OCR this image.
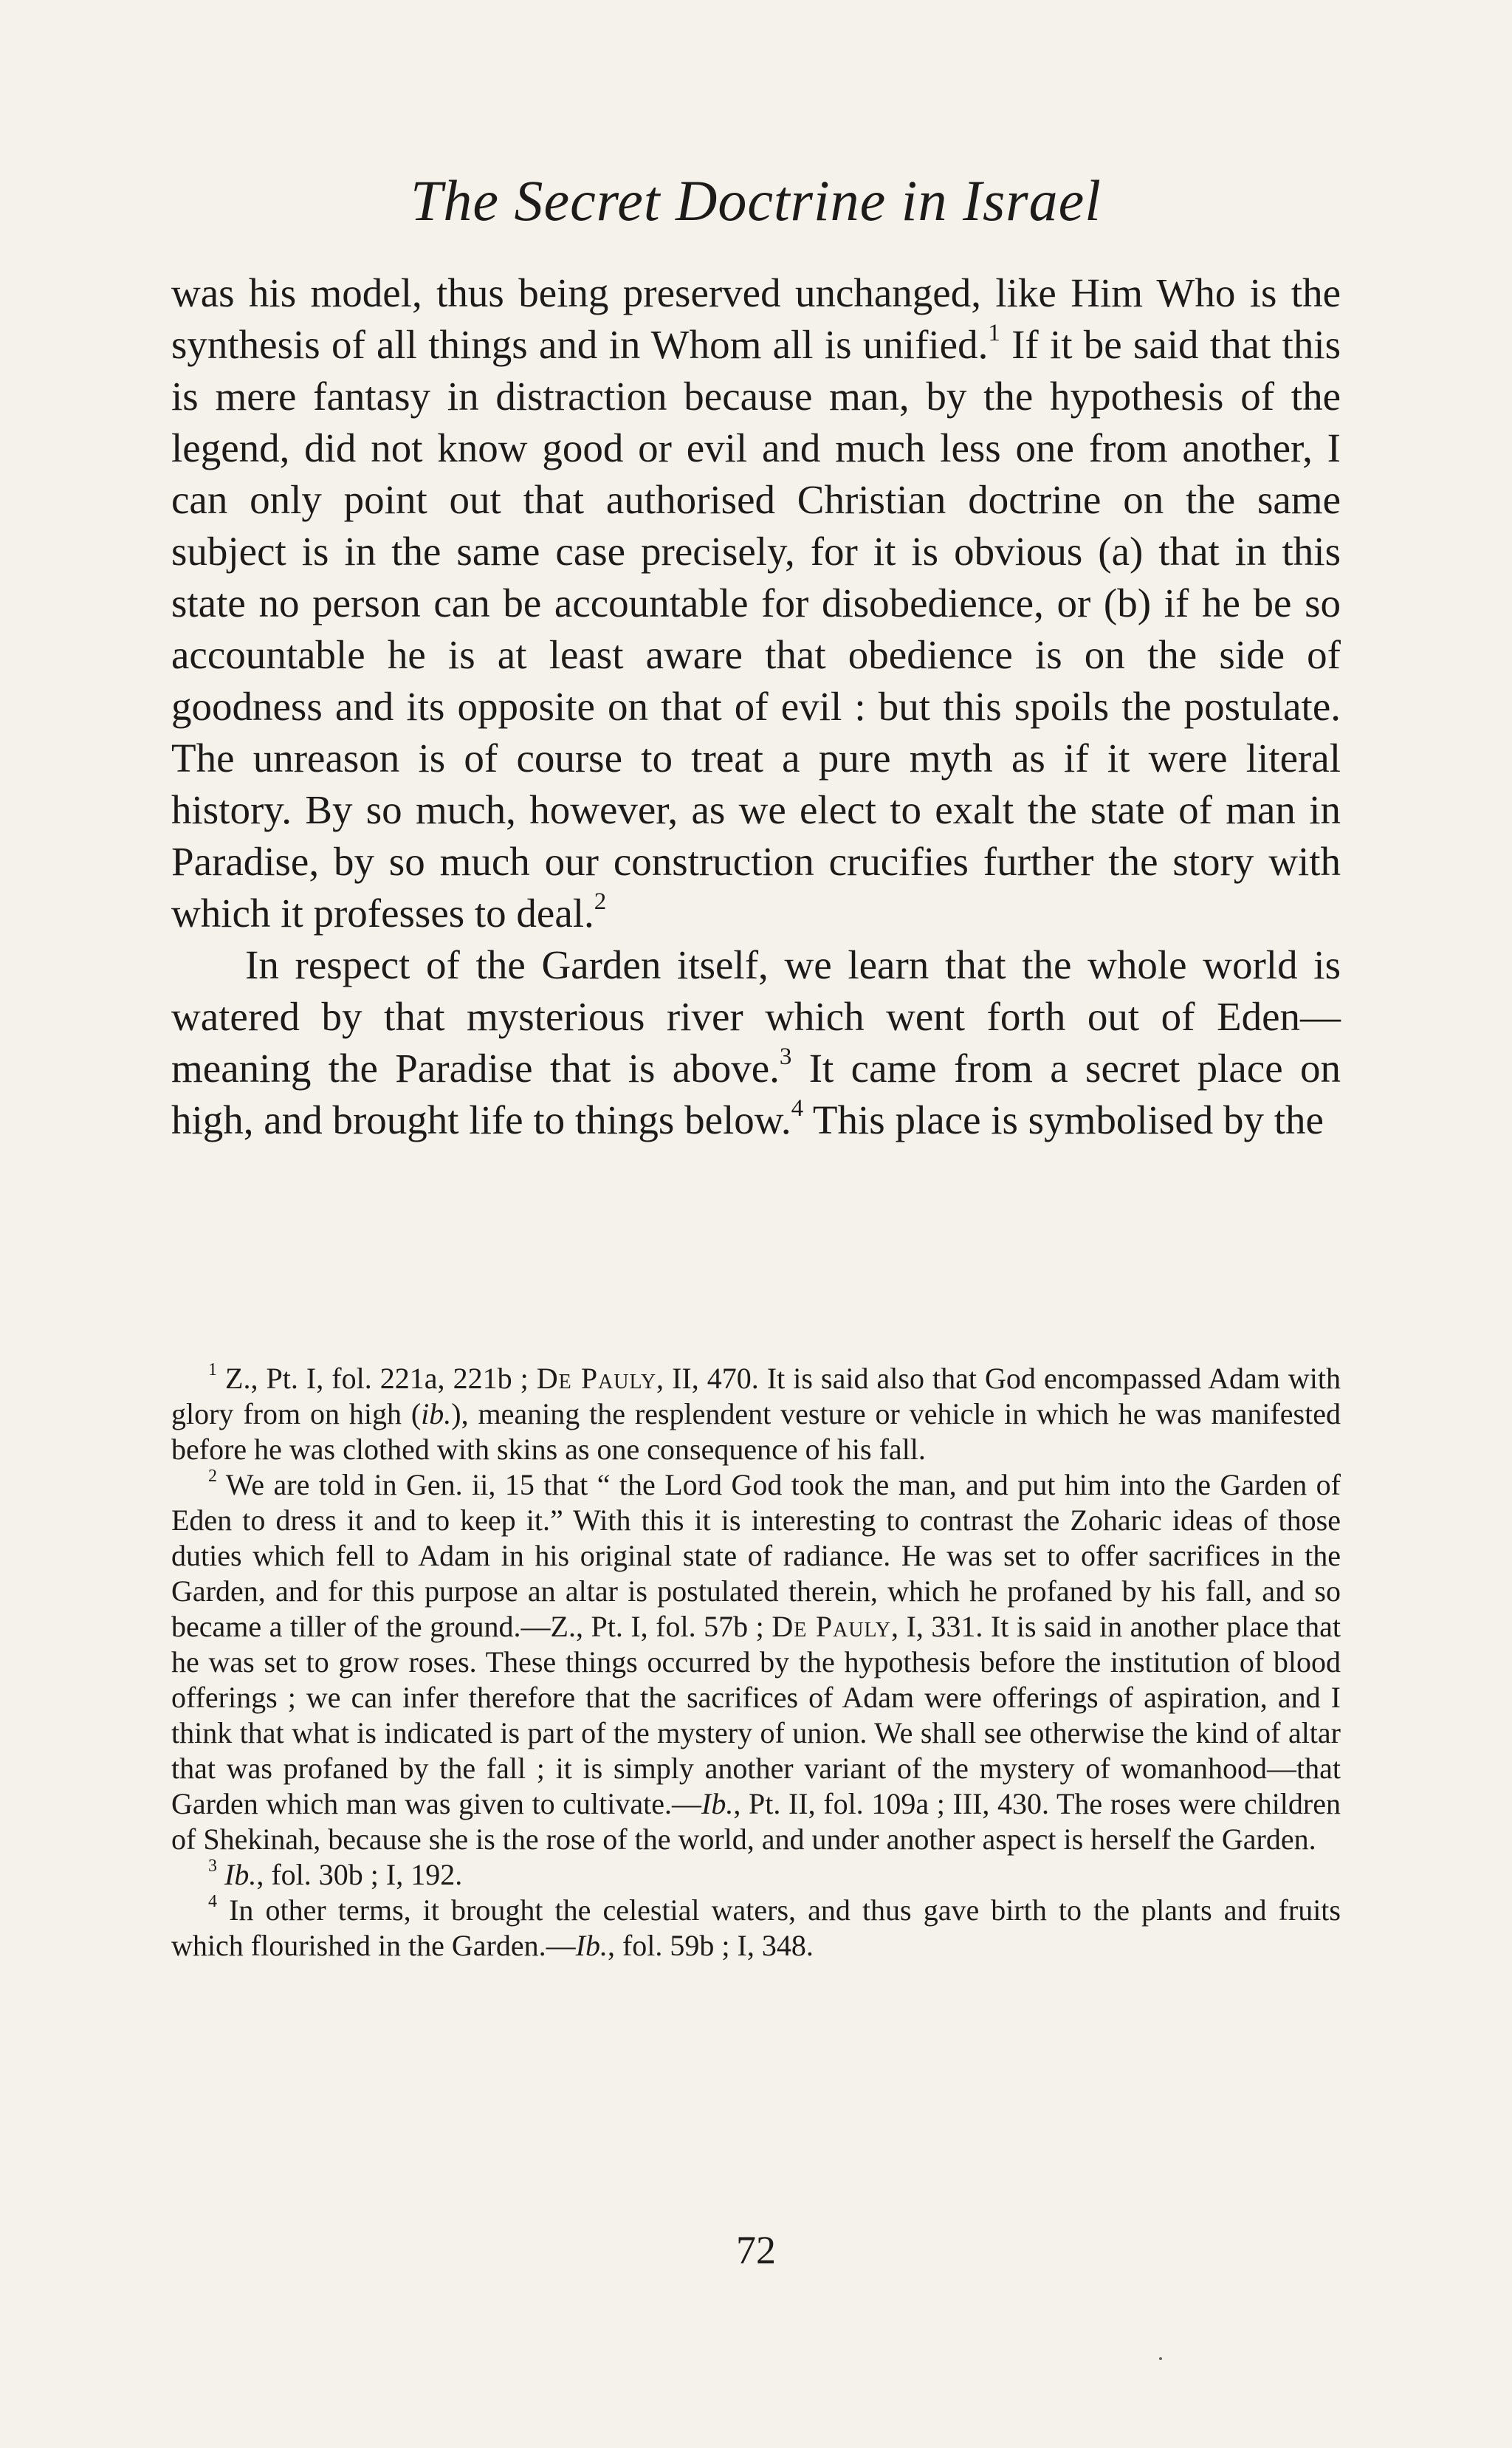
The Secret Doctrine in Israel

was his model, thus being preserved unchanged, like Him Who is the synthesis of all things and in Whom all is unified.$^1$ If it be said that this is mere fantasy in distraction because man, by the hypothesis of the legend, did not know good or evil and much less one from another, I can only point out that authorised Christian doctrine on the same subject is in the same case precisely, for it is obvious (a) that in this state no person can be accountable for disobedience, or (b) if he be so accountable he is at least aware that obedience is on the side of goodness and its opposite on that of evil : but this spoils the postulate. The unreason is of course to treat a pure myth as if it were literal history. By so much, however, as we elect to exalt the state of man in Paradise, by so much our construction crucifies further the story with which it professes to deal.$^2$

In respect of the Garden itself, we learn that the whole world is watered by that mysterious river which went forth out of Eden—meaning the Paradise that is above.$^3$ It came from a secret place on high, and brought life to things below.$^4$ This place is symbolised by the

$^1$ Z., Pt. I, fol. 221a, 221b ; De Pauly, II, 470. It is said also that God encompassed Adam with glory from on high (ib.), meaning the resplendent vesture or vehicle in which he was manifested before he was clothed with skins as one consequence of his fall.

$^2$ We are told in Gen. ii, 15 that “ the Lord God took the man, and put him into the Garden of Eden to dress it and to keep it.” With this it is interesting to contrast the Zoharic ideas of those duties which fell to Adam in his original state of radiance. He was set to offer sacrifices in the Garden, and for this purpose an altar is postulated therein, which he profaned by his fall, and so became a tiller of the ground.—Z., Pt. I, fol. 57b ; De Pauly, I, 331. It is said in another place that he was set to grow roses. These things occurred by the hypothesis before the institution of blood offerings ; we can infer therefore that the sacrifices of Adam were offerings of aspiration, and I think that what is indicated is part of the mystery of union. We shall see otherwise the kind of altar that was profaned by the fall ; it is simply another variant of the mystery of womanhood—that Garden which man was given to cultivate.—Ib., Pt. II, fol. 109a ; III, 430. The roses were children of Shekinah, because she is the rose of the world, and under another aspect is herself the Garden.

$^3$ Ib., fol. 30b ; I, 192.

$^4$ In other terms, it brought the celestial waters, and thus gave birth to the plants and fruits which flourished in the Garden.—Ib., fol. 59b ; I, 348.

72
